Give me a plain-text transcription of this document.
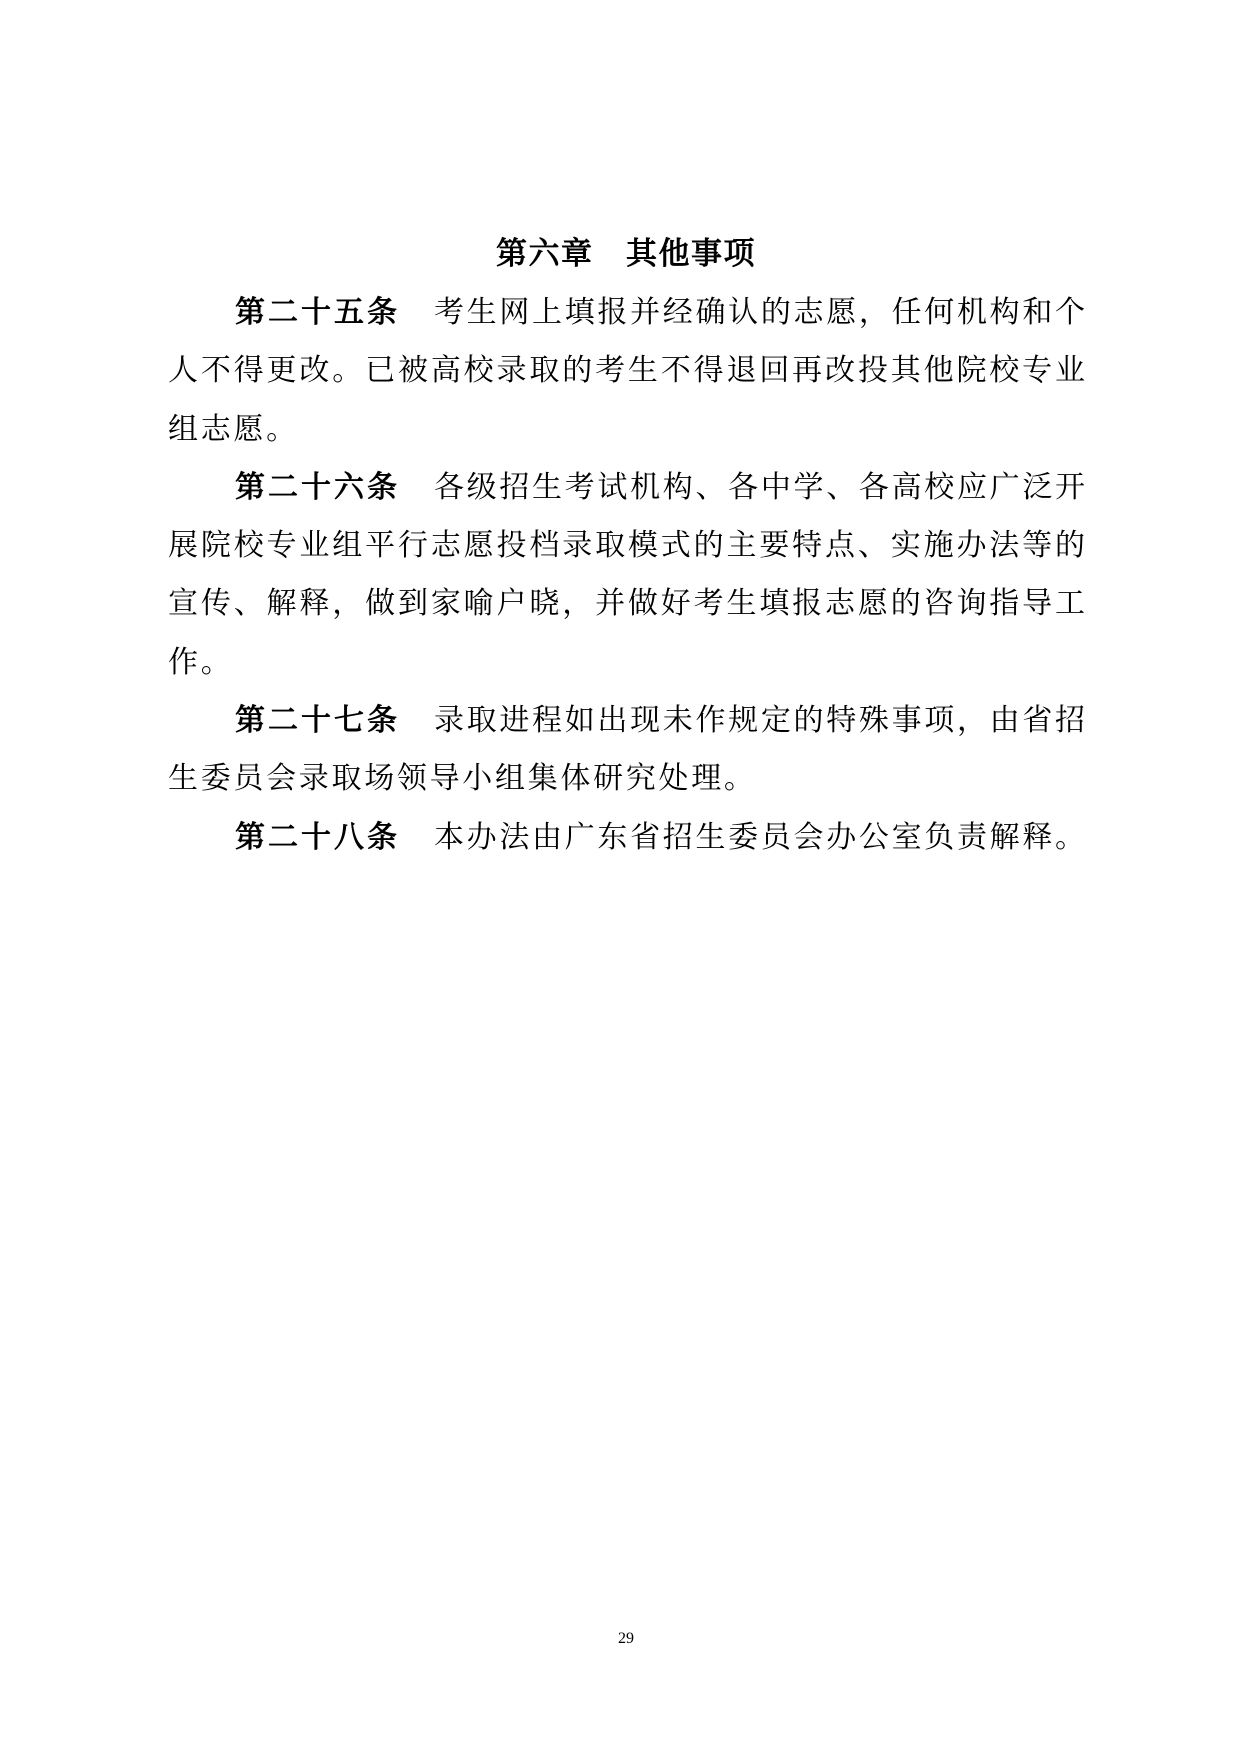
第六章　其他事项
第二十五条 考生网上填报并经确认的志愿，任何机构和个
人不得更改。已被高校录取的考生不得退回再改投其他院校专业
组志愿。
第二十六条 各级招生考试机构、各中学、各高校应广泛开
展院校专业组平行志愿投档录取模式的主要特点、实施办法等的
宣传、解释，做到家喻户晓，并做好考生填报志愿的咨询指导工
作。
第二十七条 录取进程如出现未作规定的特殊事项，由省招
生委员会录取场领导小组集体研究处理。
第二十八条 本办法由广东省招生委员会办公室负责解释。
29
